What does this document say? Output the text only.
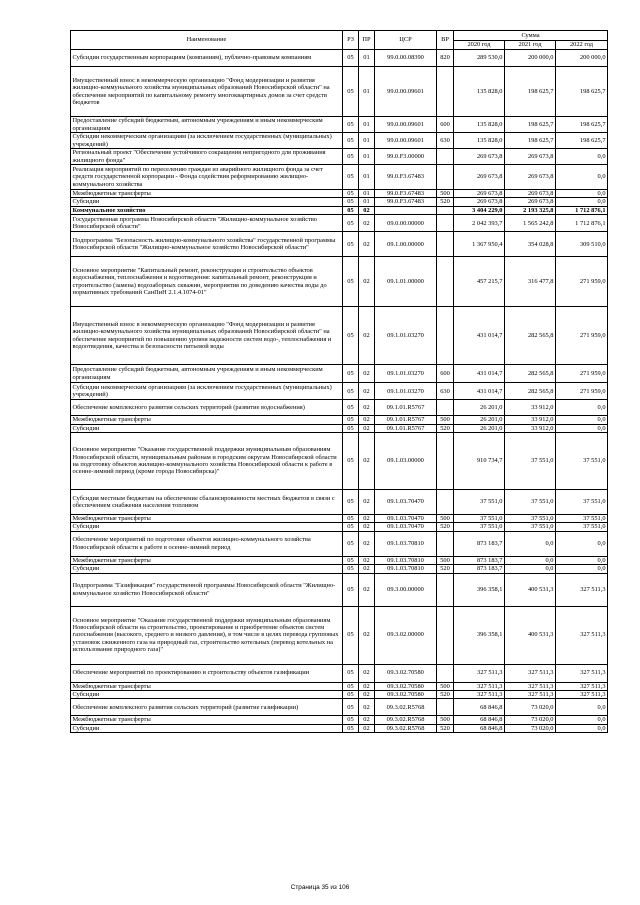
Наименование	РЗ	ПР	ЦСР	ВР	Сумма		
					2020 год	2021 год	2022 год
Субсидии государственным корпорациям (компаниям), публично-правовым компаниям	05	01	99.0.00.08390	820	289 530,0	200 000,0	200 000,0
Имущественный взнос в некоммерческую организацию "Фонд модернизации и развития жилищно-коммунального хозяйства муниципальных образований Новосибирской области" на обеспечение мероприятий по капитальному ремонту многоквартирных домов за счет средств бюджетов	05	01	99.0.00.09601		135 828,0	198 625,7	198 625,7
Предоставление субсидий бюджетным, автономным учреждениям и иным некоммерческим организациям	05	01	99.0.00.09601	600	135 828,0	198 625,7	198 625,7
Субсидии некоммерческим организациям (за исключением государственных (муниципальных) учреждений)	05	01	99.0.00.09601	630	135 828,0	198 625,7	198 625,7
Региональный проект "Обеспечение устойчивого сокращения непригодного для проживания жилищного фонда"	05	01	99.0.F3.00000		269 673,8	269 673,8	0,0
Реализация мероприятий по переселению граждан из аварийного жилищного фонда за счет средств государственной корпорации - Фонда содействия реформированию жилищно-коммунального хозяйства	05	01	99.0.F3.67483		269 673,8	269 673,8	0,0
Межбюджетные трансферты	05	01	99.0.F3.67483	500	269 673,8	269 673,8	0,0
Субсидии	05	01	99.0.F3.67483	520	269 673,8	269 673,8	0,0
Коммунальное хозяйство	05	02			3 404 229,0	2 193 325,8	1 712 876,1
Государственная программа Новосибирской области "Жилищно-коммунальное хозяйство Новосибирской области"	05	02	09.0.00.00000		2 042 393,7	1 565 242,8	1 712 876,1
Подпрограмма "Безопасность жилищно-коммунального хозяйства" государственной программы Новосибирской области "Жилищно-коммунальное хозяйство Новосибирской области"	05	02	09.1.00.00000		1 367 950,4	354 028,8	309 510,0
Основное мероприятие "Капитальный ремонт, реконструкция и строительство объектов водоснабжения, теплоснабжения и водоотведения: капитальный ремонт, реконструкция и строительство (замена) водозаборных скважин, мероприятия по доведению качества воды до нормативных требований СанПиН 2.1.4.1074-01"	05	02	09.1.01.00000		457 215,7	316 477,8	271 959,0
Имущественный взнос в некоммерческую организацию "Фонд модернизации и развития жилищно-коммунального хозяйства муниципальных образований Новосибирской области" на обеспечение мероприятий по повышению уровня надежности систем водо-, теплоснабжения и водоотведения, качества и безопасности питьевой воды	05	02	09.1.01.03270		431 014,7	282 565,8	271 959,0
Предоставление субсидий бюджетным, автономным учреждениям и иным некоммерческим организациям	05	02	09.1.01.03270	600	431 014,7	282 565,8	271 959,0
Субсидии некоммерческим организациям (за исключением государственных (муниципальных) учреждений)	05	02	09.1.01.03270	630	431 014,7	282 565,8	271 959,0
Обеспечение комплексного развития сельских территорий (развитие водоснабжения)	05	02	09.1.01.R5767		26 201,0	33 912,0	0,0
Межбюджетные трансферты	05	02	09.1.01.R5767	500	26 201,0	33 912,0	0,0
Субсидии	05	02	09.1.01.R5767	520	26 201,0	33 912,0	0,0
Основное мероприятие "Оказание государственной поддержки муниципальным образованиям Новосибирской области, муниципальным районам и городским округам Новосибирской области на подготовку объектов жилищно-коммунального хозяйства Новосибирской области к работе в осенне-зимний период (кроме города Новосибирска)"	05	02	09.1.03.00000		910 734,7	37 551,0	37 551,0
Субсидия местным бюджетам на обеспечение сбалансированности местных бюджетов в связи с обеспечением снабжения населения топливом	05	02	09.1.03.70470		37 551,0	37 551,0	37 551,0
Межбюджетные трансферты	05	02	09.1.03.70470	500	37 551,0	37 551,0	37 551,0
Субсидии	05	02	09.1.03.70470	520	37 551,0	37 551,0	37 551,0
Обеспечение мероприятий по подготовке объектов жилищно-коммунального хозяйства Новосибирской области к работе в осенне-зимний период	05	02	09.1.03.70810		873 183,7	0,0	0,0
Межбюджетные трансферты	05	02	09.1.03.70810	500	873 183,7	0,0	0,0
Субсидии	05	02	09.1.03.70810	520	873 183,7	0,0	0,0
Подпрограмма "Газификация" государственной программы Новосибирской области "Жилищно-коммунальное хозяйство Новосибирской области"	05	02	09.3.00.00000		396 358,1	400 531,3	327 511,3
Основное мероприятие "Оказание государственной поддержки муниципальным образованиям Новосибирской области на строительство, проектирование и приобретение объектов систем газоснабжения (высокого, среднего и низкого давления), в том числе в целях перевода групповых установок сжиженного газа на природный газ, строительство котельных (перевод котельных на использование природного газа)"	05	02	09.3.02.00000		396 358,1	400 531,3	327 511,3
Обеспечение мероприятий по проектированию и строительству объектов газификации	05	02	09.3.02.70580		327 511,3	327 511,3	327 511,3
Межбюджетные трансферты	05	02	09.3.02.70580	500	327 511,3	327 511,3	327 511,3
Субсидии	05	02	09.3.02.70580	520	327 511,3	327 511,3	327 511,3
Обеспечение комплексного развития сельских территорий (развитие газификации)	05	02	09.3.02.R5768		68 846,8	73 020,0	0,0
Межбюджетные трансферты	05	02	09.3.02.R5768	500	68 846,8	73 020,0	0,0
Субсидии	05	02	09.3.02.R5768	520	68 846,8	73 020,0	0,0
Страница 35 из 106
